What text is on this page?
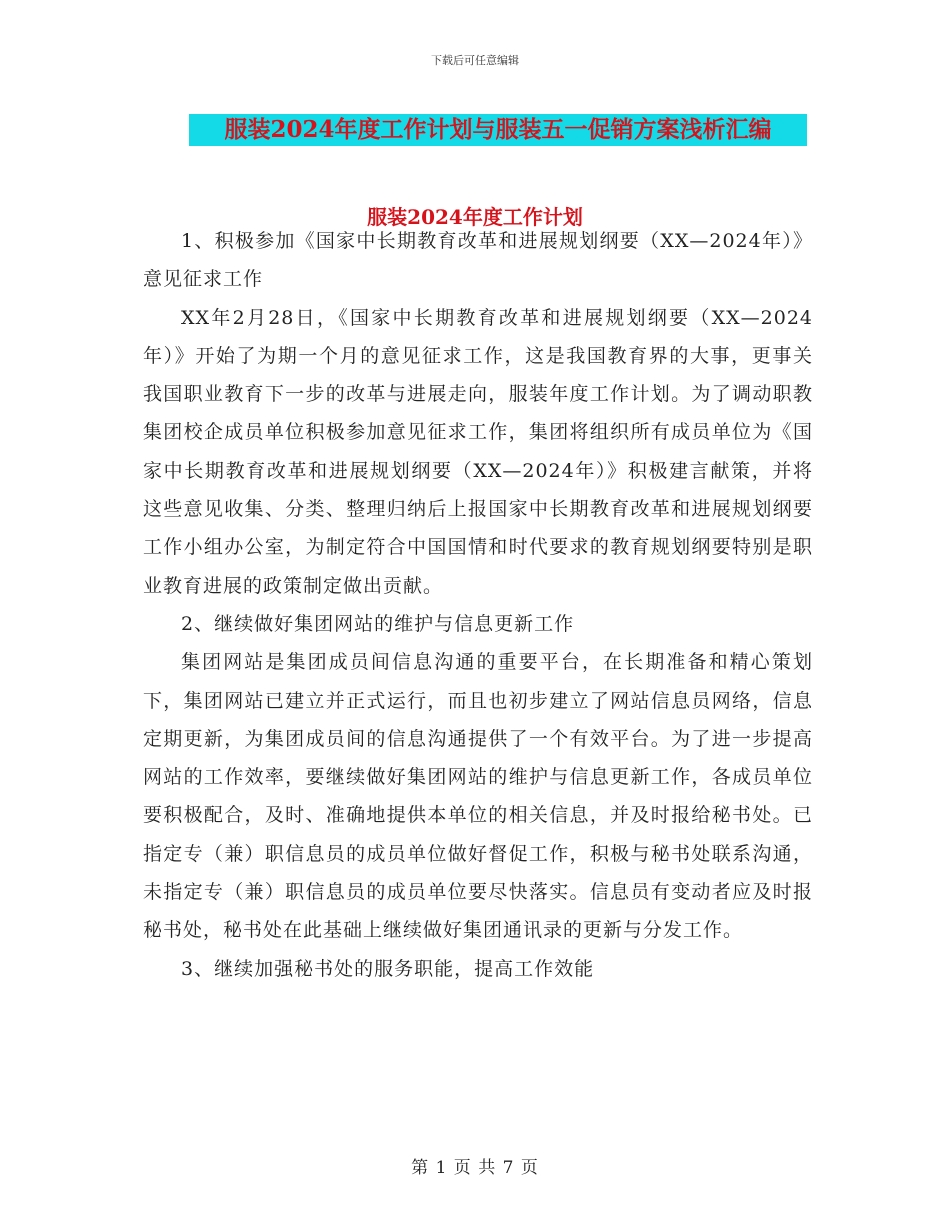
下载后可任意编辑
服装2024年度工作计划与服装五一促销方案浅析汇编
服装2024年度工作计划

1、积极参加《国家中长期教育改革和进展规划纲要（XX—2024年）》意见征求工作

XX年2月28日，《国家中长期教育改革和进展规划纲要（XX—2024年）》开始了为期一个月的意见征求工作，这是我国教育界的大事，更事关我国职业教育下一步的改革与进展走向，服装年度工作计划。为了调动职教集团校企成员单位积极参加意见征求工作，集团将组织所有成员单位为《国家中长期教育改革和进展规划纲要（XX—2024年）》积极建言献策，并将这些意见收集、分类、整理归纳后上报国家中长期教育改革和进展规划纲要工作小组办公室，为制定符合中国国情和时代要求的教育规划纲要特别是职业教育进展的政策制定做出贡献。

2、继续做好集团网站的维护与信息更新工作

集团网站是集团成员间信息沟通的重要平台，在长期准备和精心策划下，集团网站已建立并正式运行，而且也初步建立了网站信息员网络，信息定期更新，为集团成员间的信息沟通提供了一个有效平台。为了进一步提高网站的工作效率，要继续做好集团网站的维护与信息更新工作，各成员单位要积极配合，及时、准确地提供本单位的相关信息，并及时报给秘书处。已指定专（兼）职信息员的成员单位做好督促工作，积极与秘书处联系沟通，未指定专（兼）职信息员的成员单位要尽快落实。信息员有变动者应及时报秘书处，秘书处在此基础上继续做好集团通讯录的更新与分发工作。

3、继续加强秘书处的服务职能，提高工作效能

第 1 页 共 7 页
